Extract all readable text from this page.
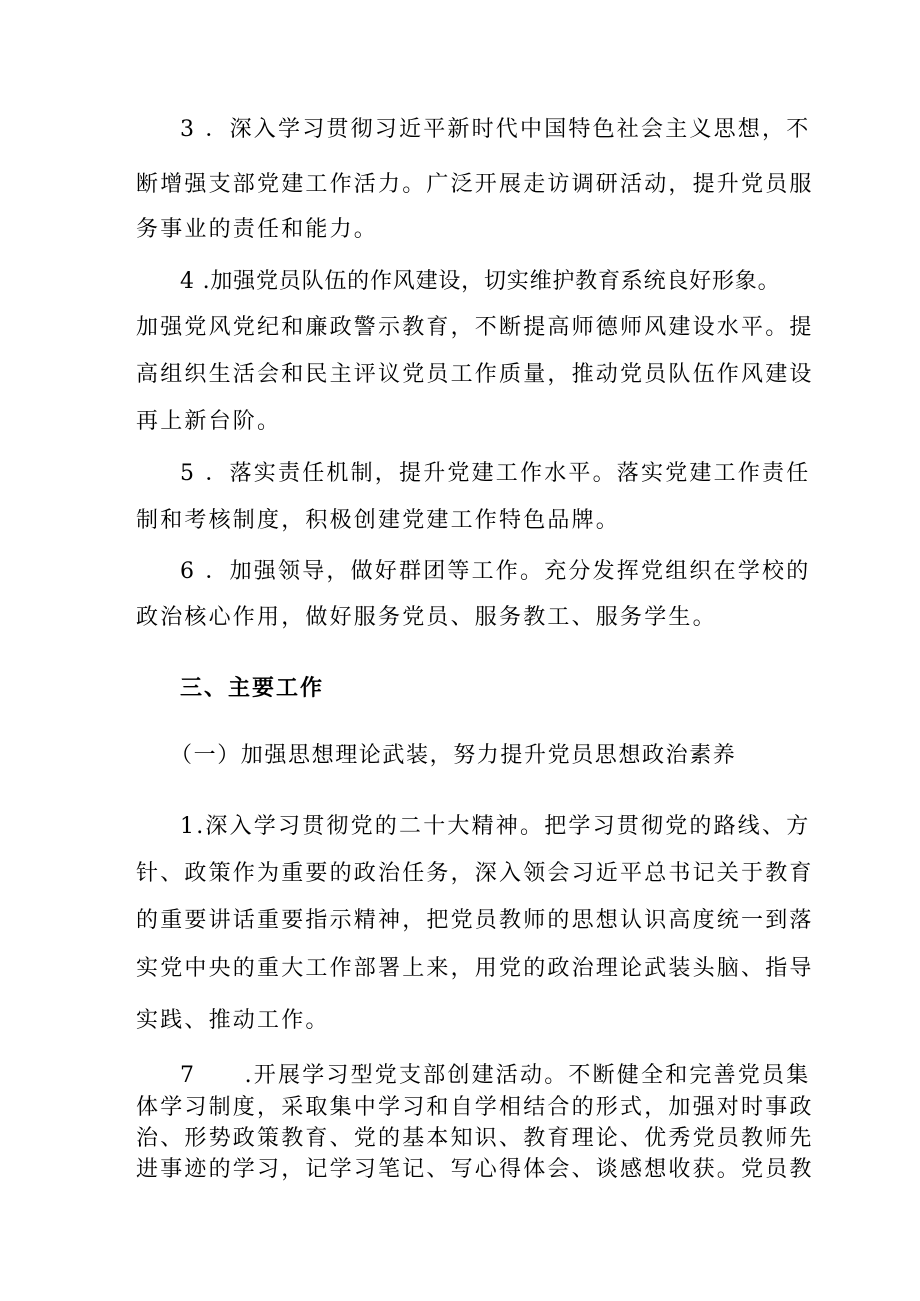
3 ．深入学习贯彻习近平新时代中国特色社会主义思想，不
断增强支部党建工作活力。广泛开展走访调研活动，提升党员服
务事业的责任和能力。
4 .加强党员队伍的作风建设，切实维护教育系统良好形象。
加强党风党纪和廉政警示教育，不断提高师德师风建设水平。提
高组织生活会和民主评议党员工作质量，推动党员队伍作风建设
再上新台阶。
5 ．落实责任机制，提升党建工作水平。落实党建工作责任
制和考核制度，积极创建党建工作特色品牌。
6 ．加强领导，做好群团等工作。充分发挥党组织在学校的
政治核心作用，做好服务党员、服务教工、服务学生。
三、主要工作
（一）加强思想理论武装，努力提升党员思想政治素养
1.深入学习贯彻党的二十大精神。把学习贯彻党的路线、方
针、政策作为重要的政治任务，深入领会习近平总书记关于教育
的重要讲话重要指示精神，把党员教师的思想认识高度统一到落
实党中央的重大工作部署上来，用党的政治理论武装头脑、指导
实践、推动工作。
7　　.开展学习型党支部创建活动。不断健全和完善党员集
体学习制度，采取集中学习和自学相结合的形式，加强对时事政
治、形势政策教育、党的基本知识、教育理论、优秀党员教师先
进事迹的学习，记学习笔记、写心得体会、谈感想收获。党员教
